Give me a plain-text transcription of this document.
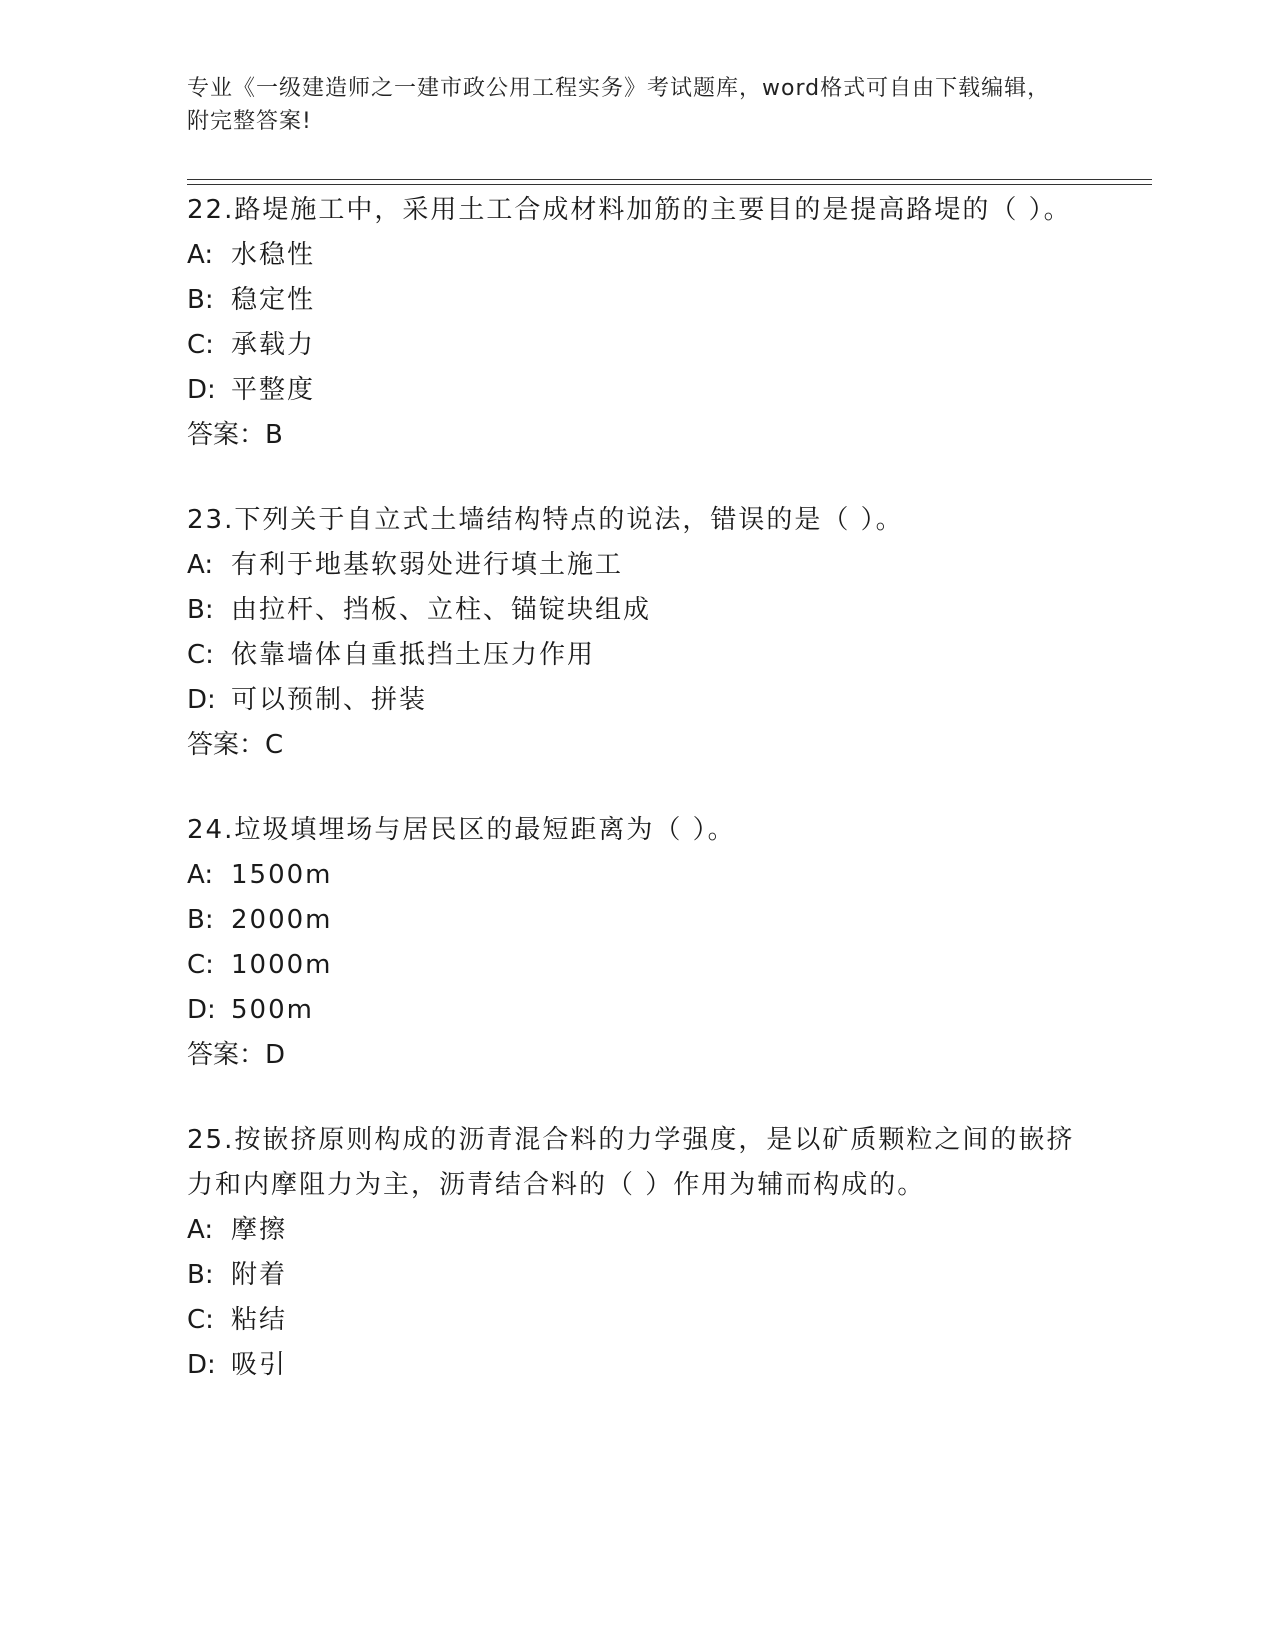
专业《一级建造师之一建市政公用工程实务》考试题库，word格式可自由下载编辑，附完整答案!
22.路堤施工中，采用土工合成材料加筋的主要目的是提高路堤的（ ）。
A: 水稳性
B: 稳定性
C: 承载力
D: 平整度
答案：B
23.下列关于自立式土墙结构特点的说法，错误的是（ ）。
A: 有利于地基软弱处进行填土施工
B: 由拉杆、挡板、立柱、锚锭块组成
C: 依靠墙体自重抵挡土压力作用
D: 可以预制、拼装
答案：C
24.垃圾填埋场与居民区的最短距离为（ ）。
A: 1500m
B: 2000m
C: 1000m
D: 500m
答案：D
25.按嵌挤原则构成的沥青混合料的力学强度，是以矿质颗粒之间的嵌挤力和内摩阻力为主，沥青结合料的（ ）作用为辅而构成的。
A: 摩擦
B: 附着
C: 粘结
D: 吸引
